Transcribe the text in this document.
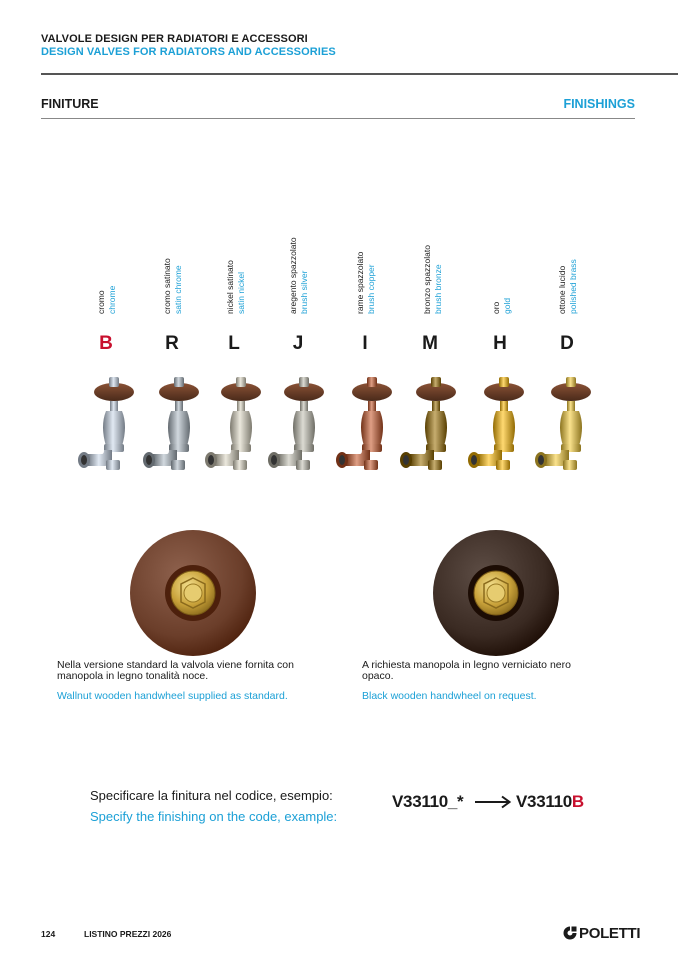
VALVOLE DESIGN PER RADIATORI E ACCESSORI
DESIGN VALVES FOR RADIATORS AND ACCESSORIES
FINITURE	FINISHINGS
cromo chrome
B
cromo satinato satin chrome
R
nickel satinato satin nickel
L
aregento spazzolato brush silver
J
rame spazzolato brush copper
I
bronzo spazzolato brush bronze
M
oro gold
H
ottone lucido polished brass
D
Nella versione standard la valvola viene fornita con manopola in legno tonalità noce.
Wallnut wooden handwheel supplied as standard.
A richiesta manopola in legno verniciato nero opaco.
Black wooden handwheel on request.
Specificare la finitura nel codice, esempio:
Specify the finishing on the code, example:
V33110_*	V33110B
124	LISTINO PREZZI 2026	POLETTI
